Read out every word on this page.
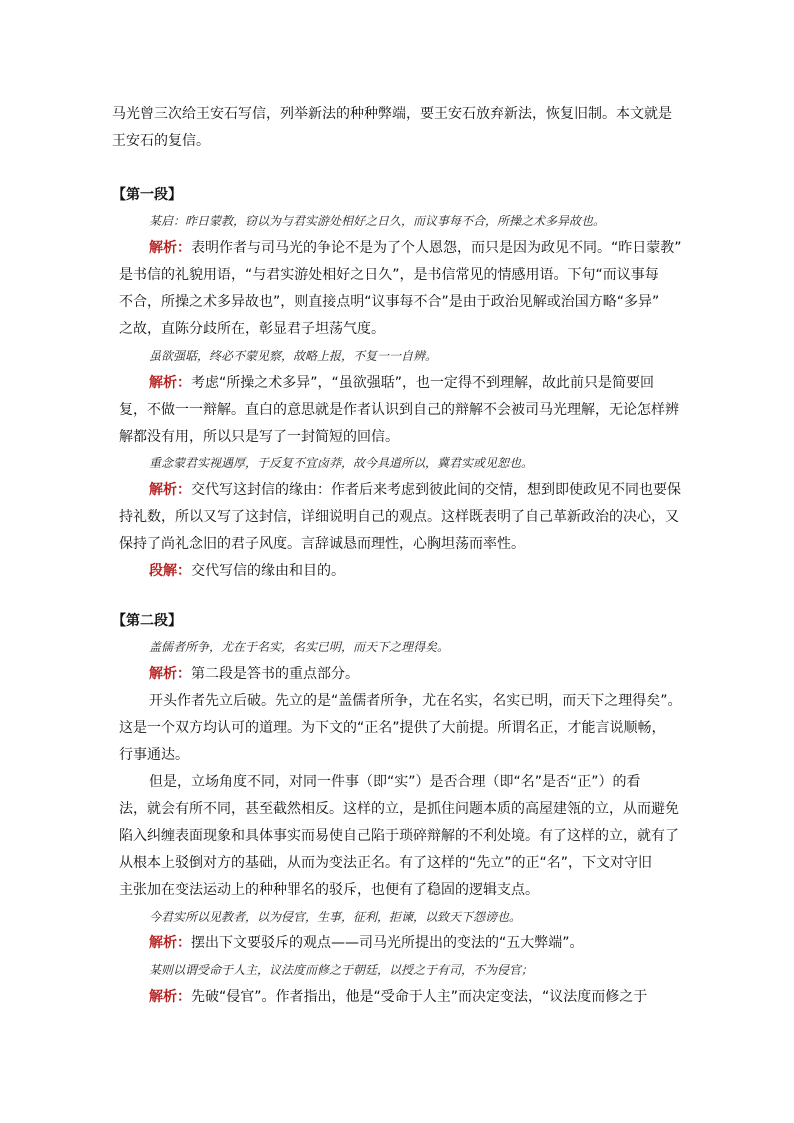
马光曾三次给王安石写信，列举新法的种种弊端，要王安石放弃新法，恢复旧制。本文就是
王安石的复信。
【第一段】
某启：昨日蒙教，窃以为与君实游处相好之日久，而议事每不合，所操之术多异故也。
解析：表明作者与司马光的争论不是为了个人恩怨，而只是因为政见不同。“昨日蒙教”
是书信的礼貌用语，“与君实游处相好之日久”，是书信常见的情感用语。下句“而议事每
不合，所操之术多异故也”，则直接点明“议事每不合”是由于政治见解或治国方略“多异”
之故，直陈分歧所在，彰显君子坦荡气度。
虽欲强聒，终必不蒙见察，故略上报，不复一一自辨。
解析：考虑“所操之术多异”，“虽欲强聒”，也一定得不到理解，故此前只是简要回
复，不做一一辩解。直白的意思就是作者认识到自己的辩解不会被司马光理解，无论怎样辨
解都没有用，所以只是写了一封简短的回信。
重念蒙君实视遇厚，于反复不宜卤莽，故今具道所以，冀君实或见恕也。
解析：交代写这封信的缘由：作者后来考虑到彼此间的交情，想到即使政见不同也要保
持礼数，所以又写了这封信，详细说明自己的观点。这样既表明了自己革新政治的决心，又
保持了尚礼念旧的君子风度。言辞诚恳而理性，心胸坦荡而率性。
段解：交代写信的缘由和目的。
【第二段】
盖儒者所争，尤在于名实，名实已明，而天下之理得矣。
解析：第二段是答书的重点部分。
开头作者先立后破。先立的是“盖儒者所争，尤在名实，名实已明，而天下之理得矣”。
这是一个双方均认可的道理。为下文的“正名”提供了大前提。所谓名正，才能言说顺畅，
行事通达。
但是，立场角度不同，对同一件事（即“实”）是否合理（即“名”是否“正”）的看
法，就会有所不同，甚至截然相反。这样的立，是抓住问题本质的高屋建瓴的立，从而避免
陷入纠缠表面现象和具体事实而易使自己陷于琐碎辩解的不利处境。有了这样的立，就有了
从根本上驳倒对方的基础，从而为变法正名。有了这样的“先立”的正“名”，下文对守旧
主张加在变法运动上的种种罪名的驳斥，也便有了稳固的逻辑支点。
今君实所以见教者，以为侵官，生事，征利，拒谏，以致天下怨谤也。
解析：摆出下文要驳斥的观点——司马光所提出的变法的“五大弊端”。
某则以谓受命于人主，议法度而修之于朝廷，以授之于有司，不为侵官；
解析：先破“侵官”。作者指出，他是“受命于人主”而决定变法，“议法度而修之于
